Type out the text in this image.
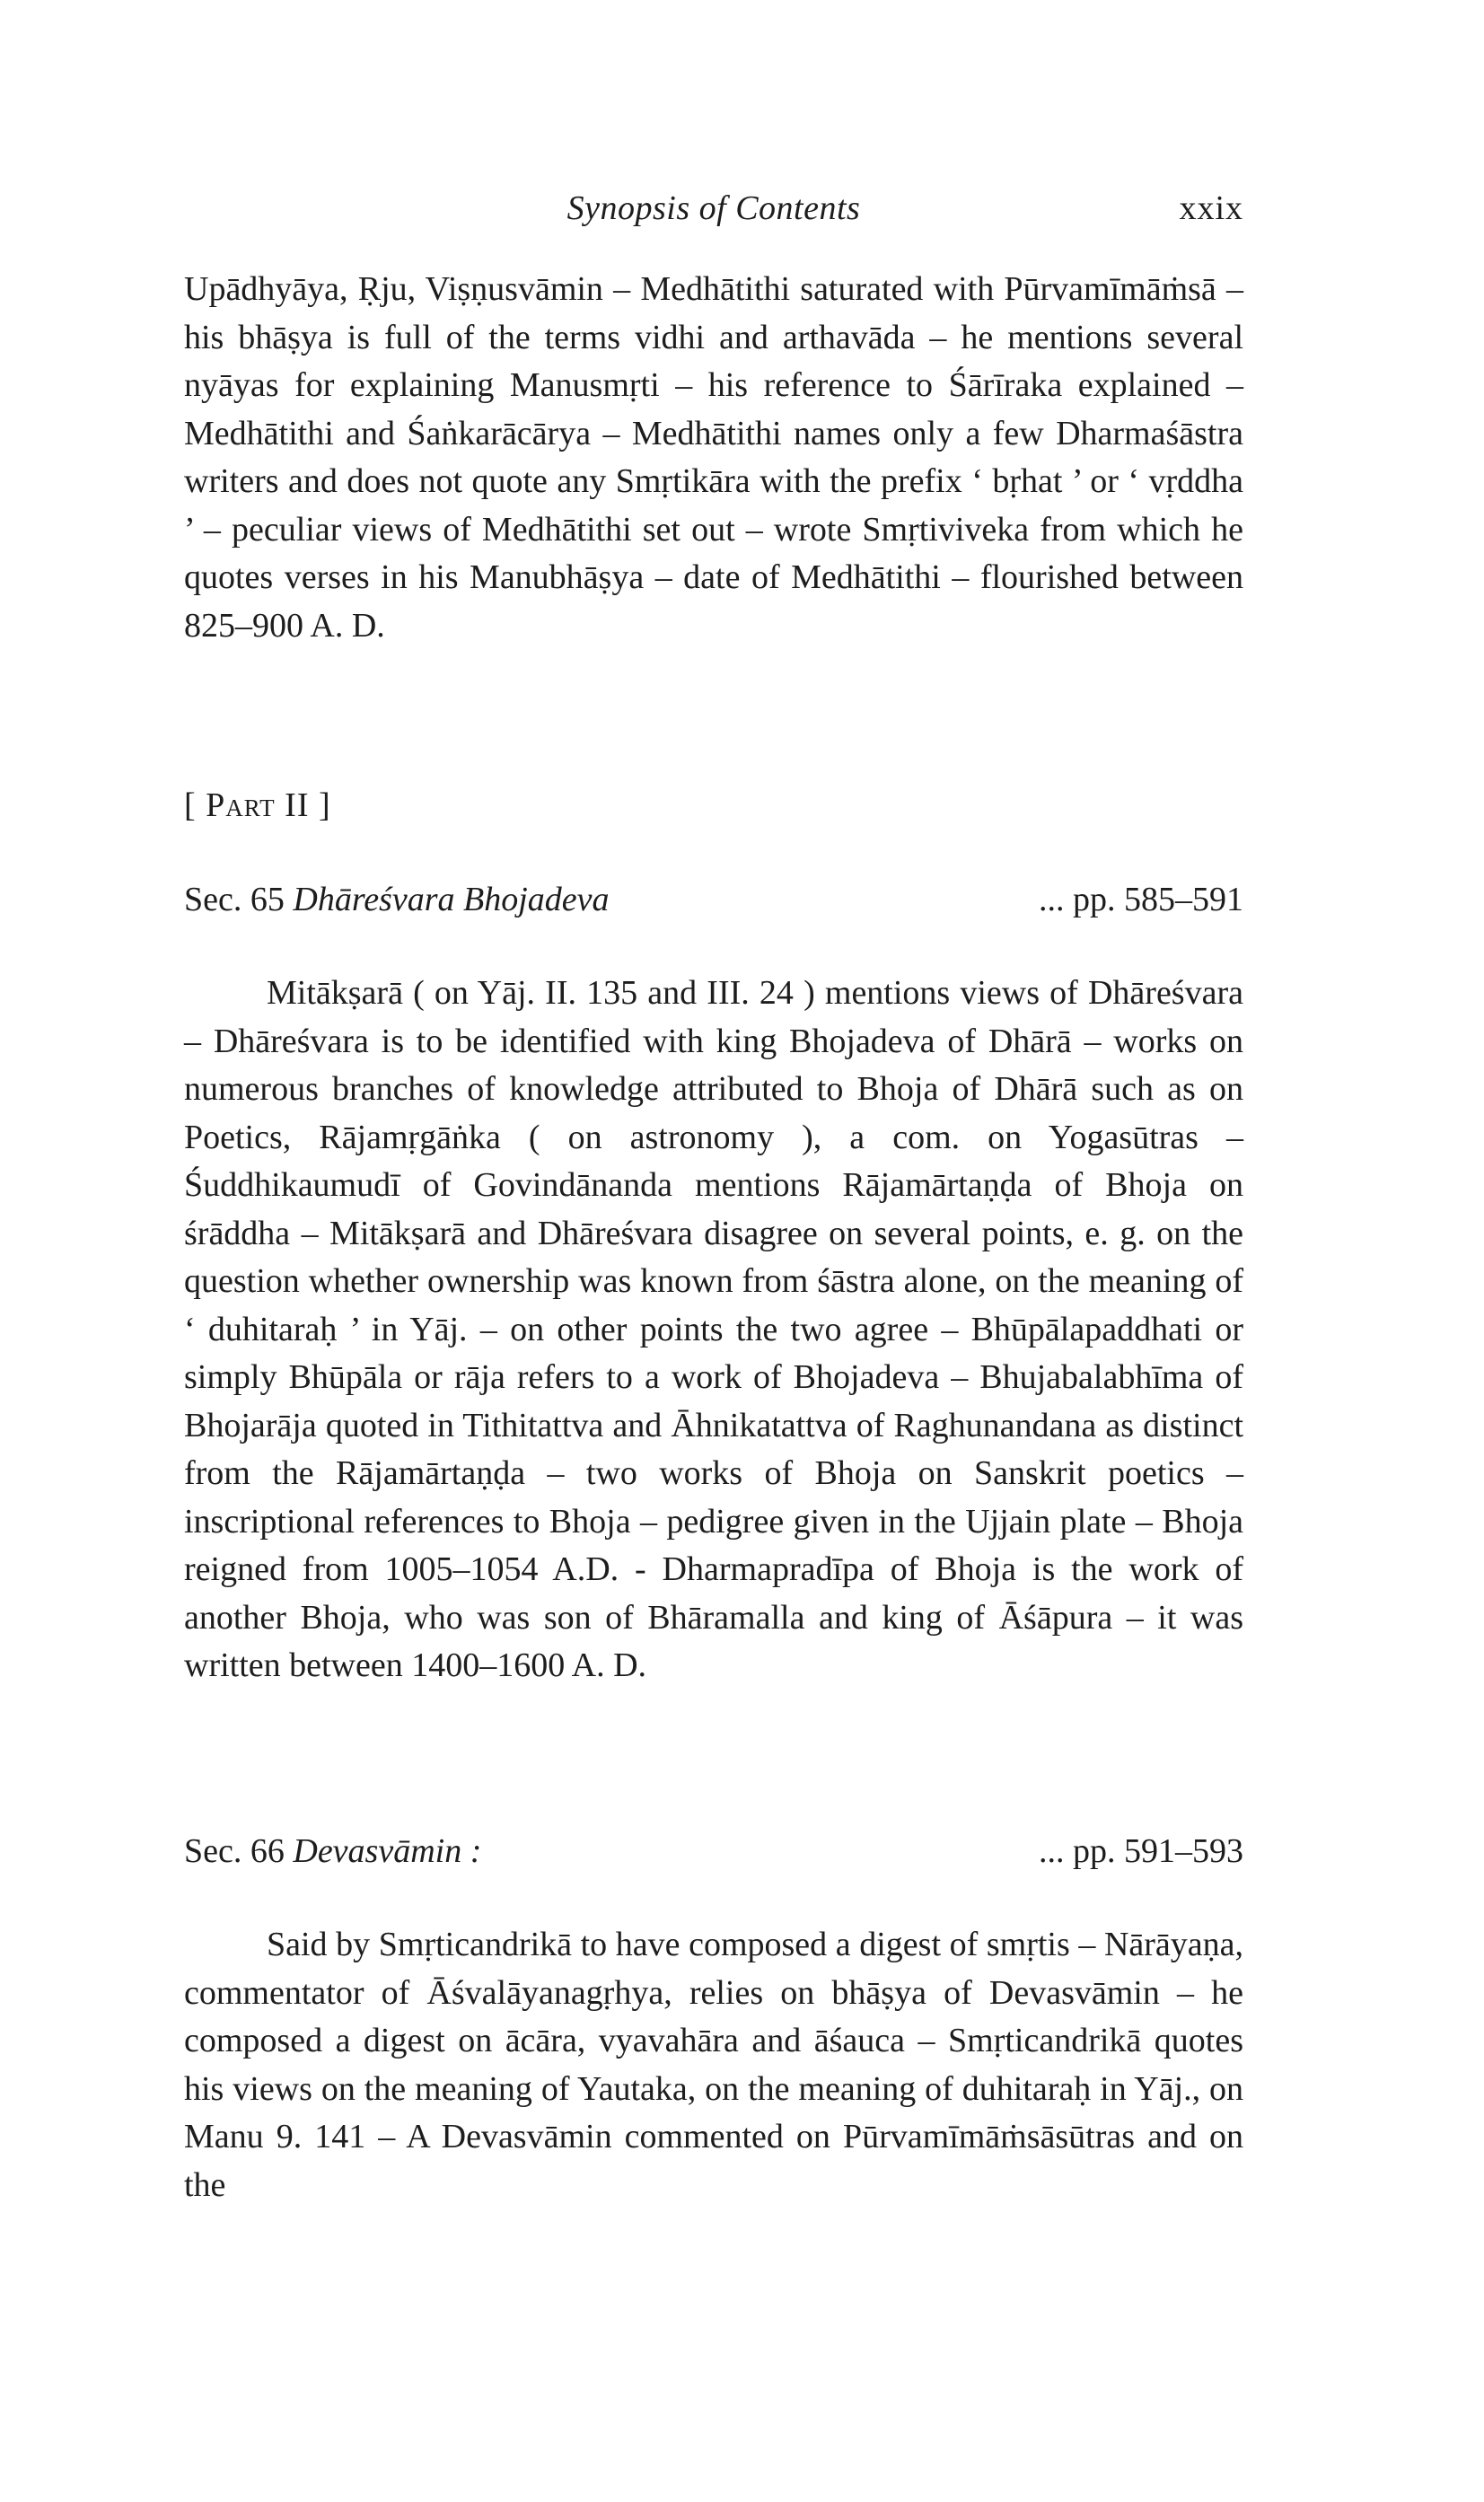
Synopsis of Contents	xxix

Upādhyāya, Ṛju, Viṣṇusvāmin – Medhātithi saturated with Pūrvamīmāṁsā – his bhāṣya is full of the terms vidhi and arthavāda – he mentions several nyāyas for explaining Manusmṛti – his reference to Śārīraka explained – Medhātithi and Śaṅkarācārya – Medhātithi names only a few Dharmaśāstra writers and does not quote any Smṛtikāra with the prefix ‘ bṛhat ’ or ‘ vṛddha ’ – peculiar views of Medhātithi set out – wrote Smṛtiviveka from which he quotes verses in his Manubhāṣya – date of Medhātithi – flourished between 825–900 A. D.

[ Part II ]
Sec. 65 Dhāreśvara Bhojadeva	... pp. 585–591

Mitākṣarā ( on Yāj. II. 135 and III. 24 ) mentions views of Dhāreśvara – Dhāreśvara is to be identified with king Bhojadeva of Dhārā – works on numerous branches of knowledge attributed to Bhoja of Dhārā such as on Poetics, Rājamṛgāṅka ( on astronomy ), a com. on Yogasūtras – Śuddhikaumudī of Govindānanda mentions Rājamārtaṇḍa of Bhoja on śrāddha – Mitākṣarā and Dhāreśvara disagree on several points, e. g. on the question whether ownership was known from śāstra alone, on the meaning of ‘ duhitaraḥ ’ in Yāj. – on other points the two agree – Bhūpālapaddhati or simply Bhūpāla or rāja refers to a work of Bhojadeva – Bhujabalabhīma of Bhojarāja quoted in Tithitattva and Āhnikatattva of Raghunandana as distinct from the Rājamārtaṇḍa – two works of Bhoja on Sanskrit poetics – inscriptional references to Bhoja – pedigree given in the Ujjain plate – Bhoja reigned from 1005–1054 A.D. - Dharmapradīpa of Bhoja is the work of another Bhoja, who was son of Bhāramalla and king of Āśāpura – it was written between 1400–1600 A. D.

Sec. 66 Devasvāmin :	... pp. 591–593

Said by Smṛticandrikā to have composed a digest of smṛtis – Nārāyaṇa, commentator of Āśvalāyanagṛhya, relies on bhāṣya of Devasvāmin – he composed a digest on ācāra, vyavahāra and āśauca – Smṛticandrikā quotes his views on the meaning of Yautaka, on the meaning of duhitaraḥ in Yāj., on Manu 9. 141 – A Devasvāmin commented on Pūrvamīmāṁsāsūtras and on the
